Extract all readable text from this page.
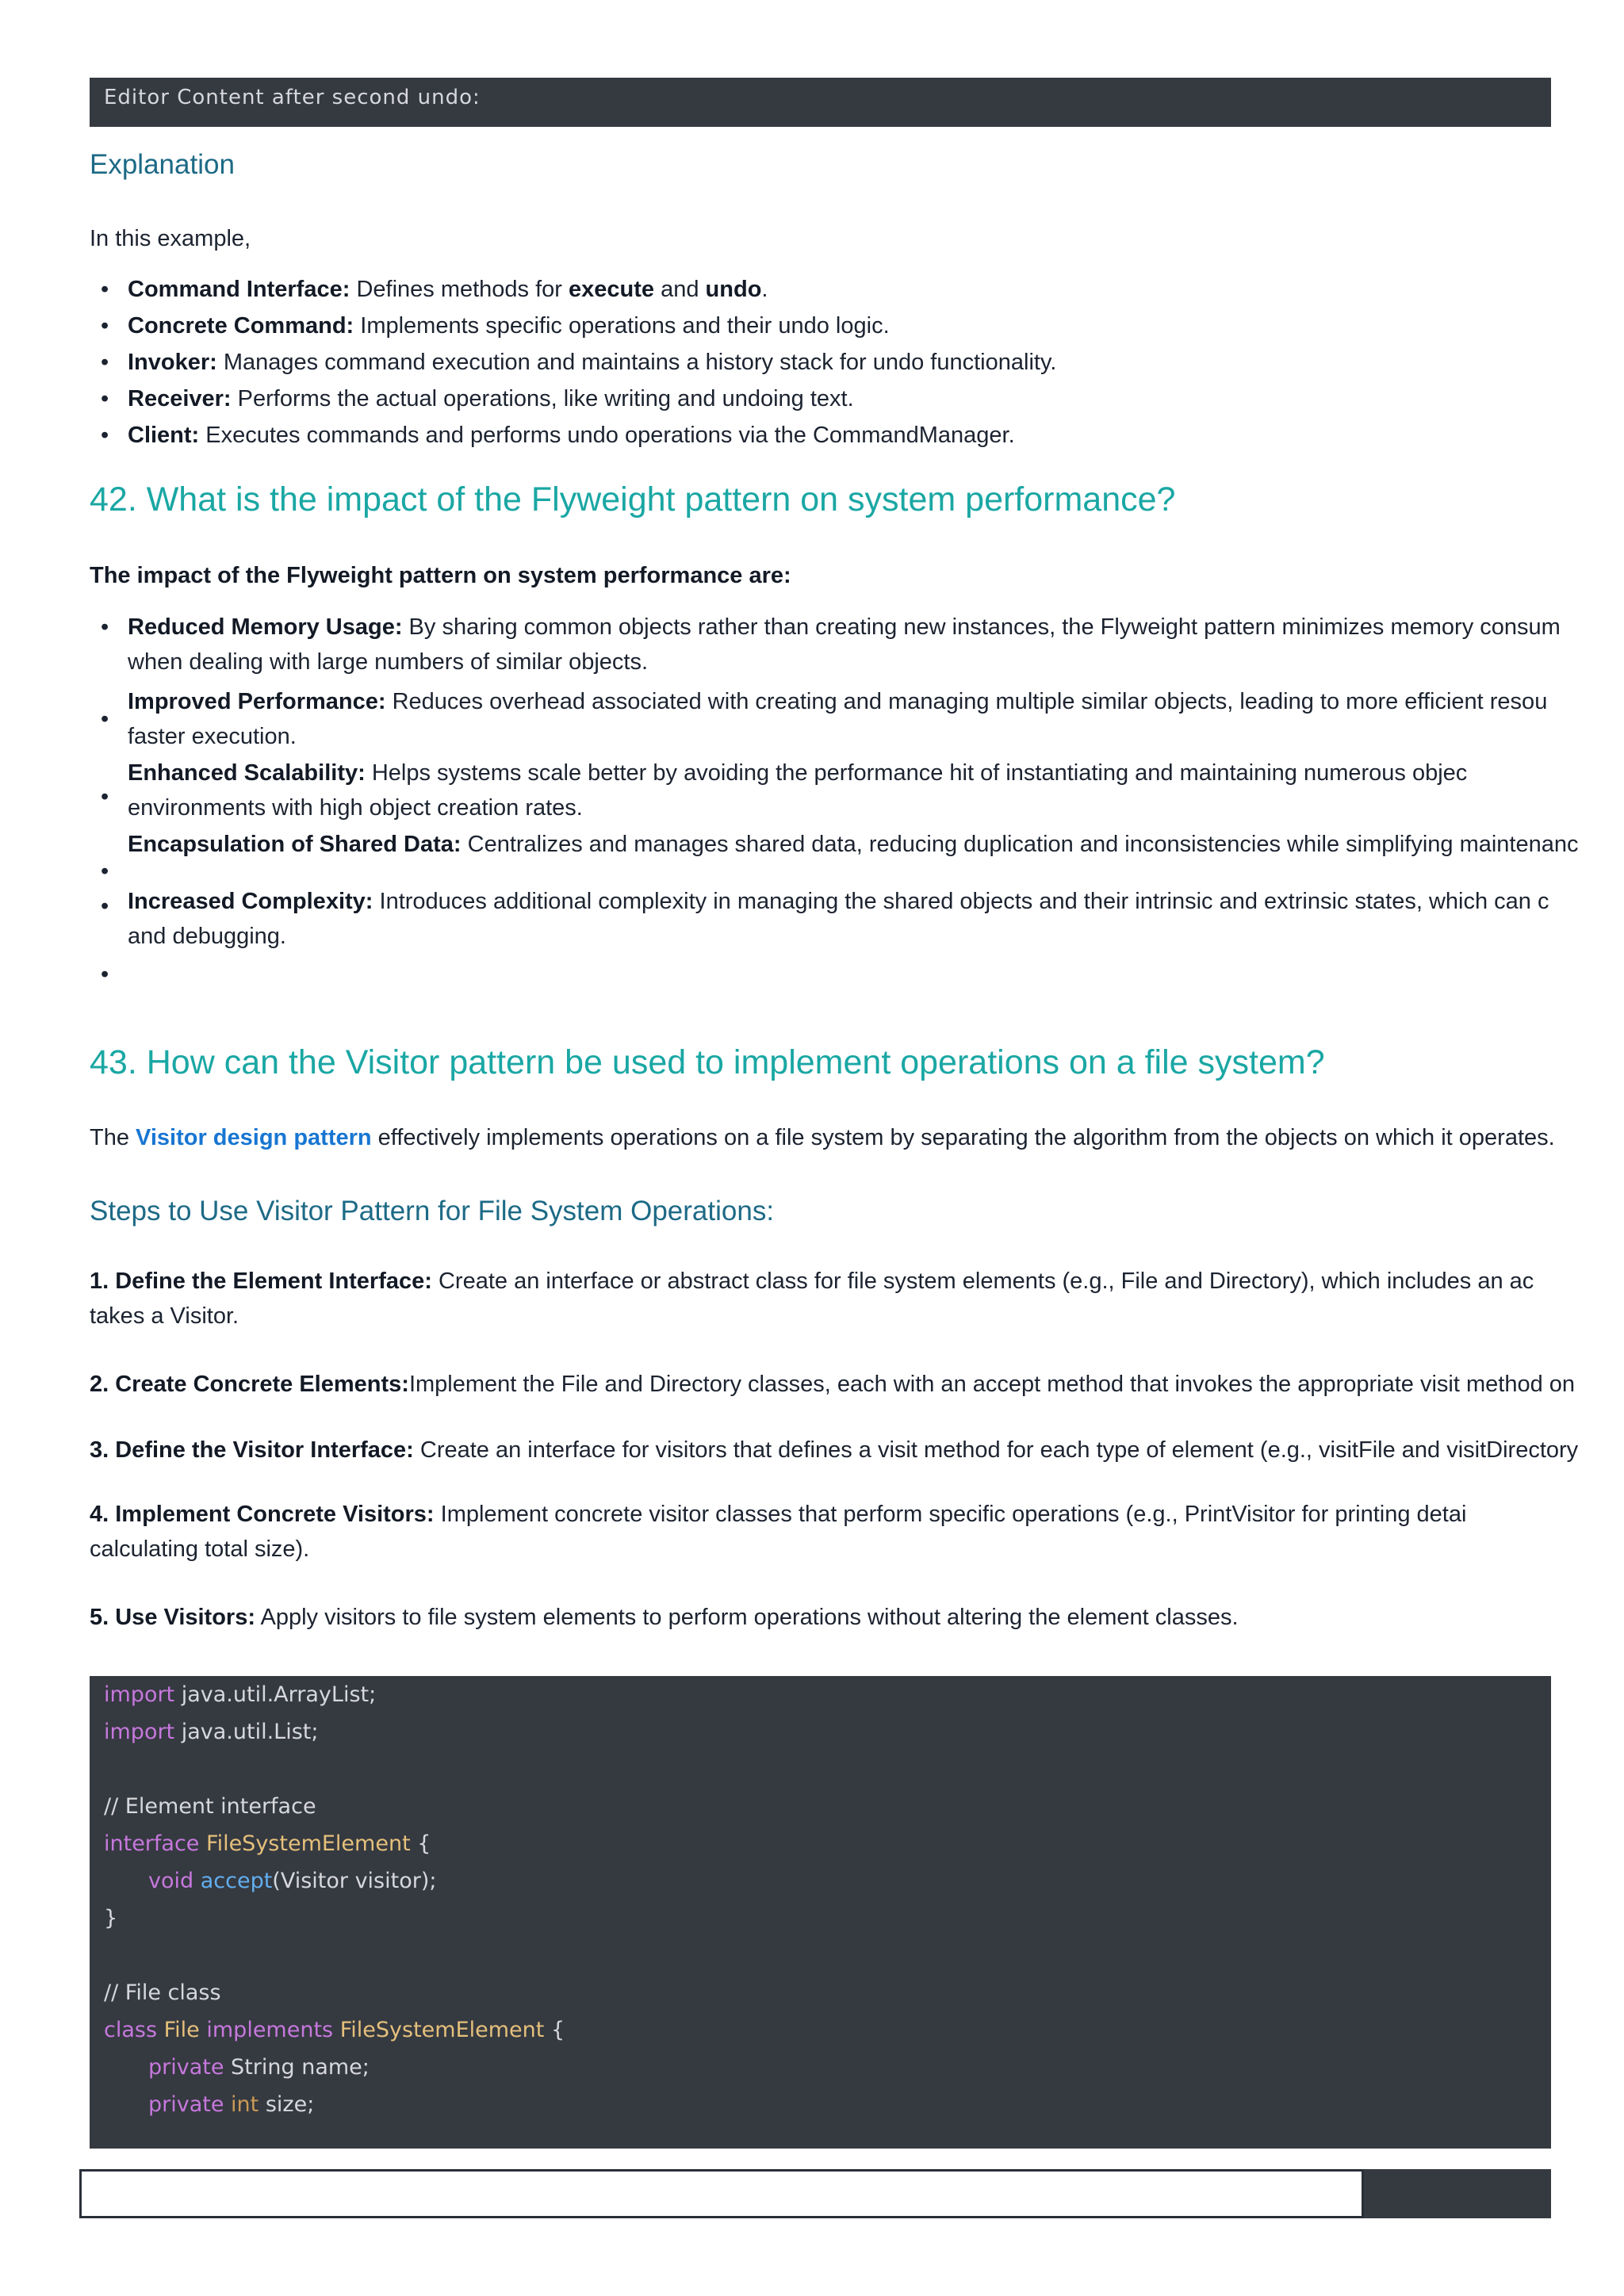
Editor Content after second undo:
Explanation

In this example,

• Command Interface: Defines methods for execute and undo.
• Concrete Command: Implements specific operations and their undo logic.
• Invoker: Manages command execution and maintains a history stack for undo functionality.
• Receiver: Performs the actual operations, like writing and undoing text.
• Client: Executes commands and performs undo operations via the CommandManager.
42. What is the impact of the Flyweight pattern on system performance?

The impact of the Flyweight pattern on system performance are:

• Reduced Memory Usage: By sharing common objects rather than creating new instances, the Flyweight pattern minimizes memory consum
when dealing with large numbers of similar objects.
•
Improved Performance: Reduces overhead associated with creating and managing multiple similar objects, leading to more efficient resou
faster execution.
•
Enhanced Scalability: Helps systems scale better by avoiding the performance hit of instantiating and maintaining numerous objec
environments with high object creation rates.
•
Encapsulation of Shared Data: Centralizes and manages shared data, reducing duplication and inconsistencies while simplifying maintenanc
• Increased Complexity: Introduces additional complexity in managing the shared objects and their intrinsic and extrinsic states, which can c
and debugging.
•
43. How can the Visitor pattern be used to implement operations on a file system?

The Visitor design pattern effectively implements operations on a file system by separating the algorithm from the objects on which it operates.

Steps to Use Visitor Pattern for File System Operations:

1. Define the Element Interface: Create an interface or abstract class for file system elements (e.g., File and Directory), which includes an ac
takes a Visitor.

2. Create Concrete Elements:Implement the File and Directory classes, each with an accept method that invokes the appropriate visit method on

3. Define the Visitor Interface: Create an interface for visitors that defines a visit method for each type of element (e.g., visitFile and visitDirectory

4. Implement Concrete Visitors: Implement concrete visitor classes that perform specific operations (e.g., PrintVisitor for printing detai
calculating total size).

5. Use Visitors: Apply visitors to file system elements to perform operations without altering the element classes.

import java.util.ArrayList;
import java.util.List;
// Element interface
interface FileSystemElement {
void accept(Visitor visitor);
}
// File class
class File implements FileSystemElement {
private String name;
private int size;
